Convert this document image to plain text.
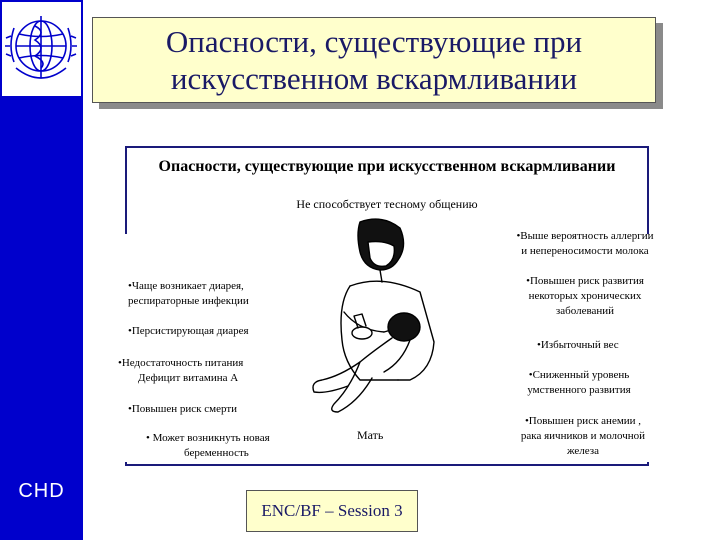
CHD
Опасности, существующие при
искусственном вскармливании
Опасности, существующие при искусственном вскармливании
Не способствует тесному общению
Мать
•Чаще возникает диарея,
респираторные инфекции
•Персистирующая диарея
•Недостаточность питания
Дефицит витамина А
•Повышен риск смерти
• Может возникнуть новая
беременность
•Выше вероятность аллергии
и непереносимости молока
•Повышен риск развития
некоторых хронических
заболеваний
•Избыточный вес
•Сниженный уровень
умственного развития
•Повышен риск анемии ,
рака яичников и молочной
железа
ENC/BF – Session 3
